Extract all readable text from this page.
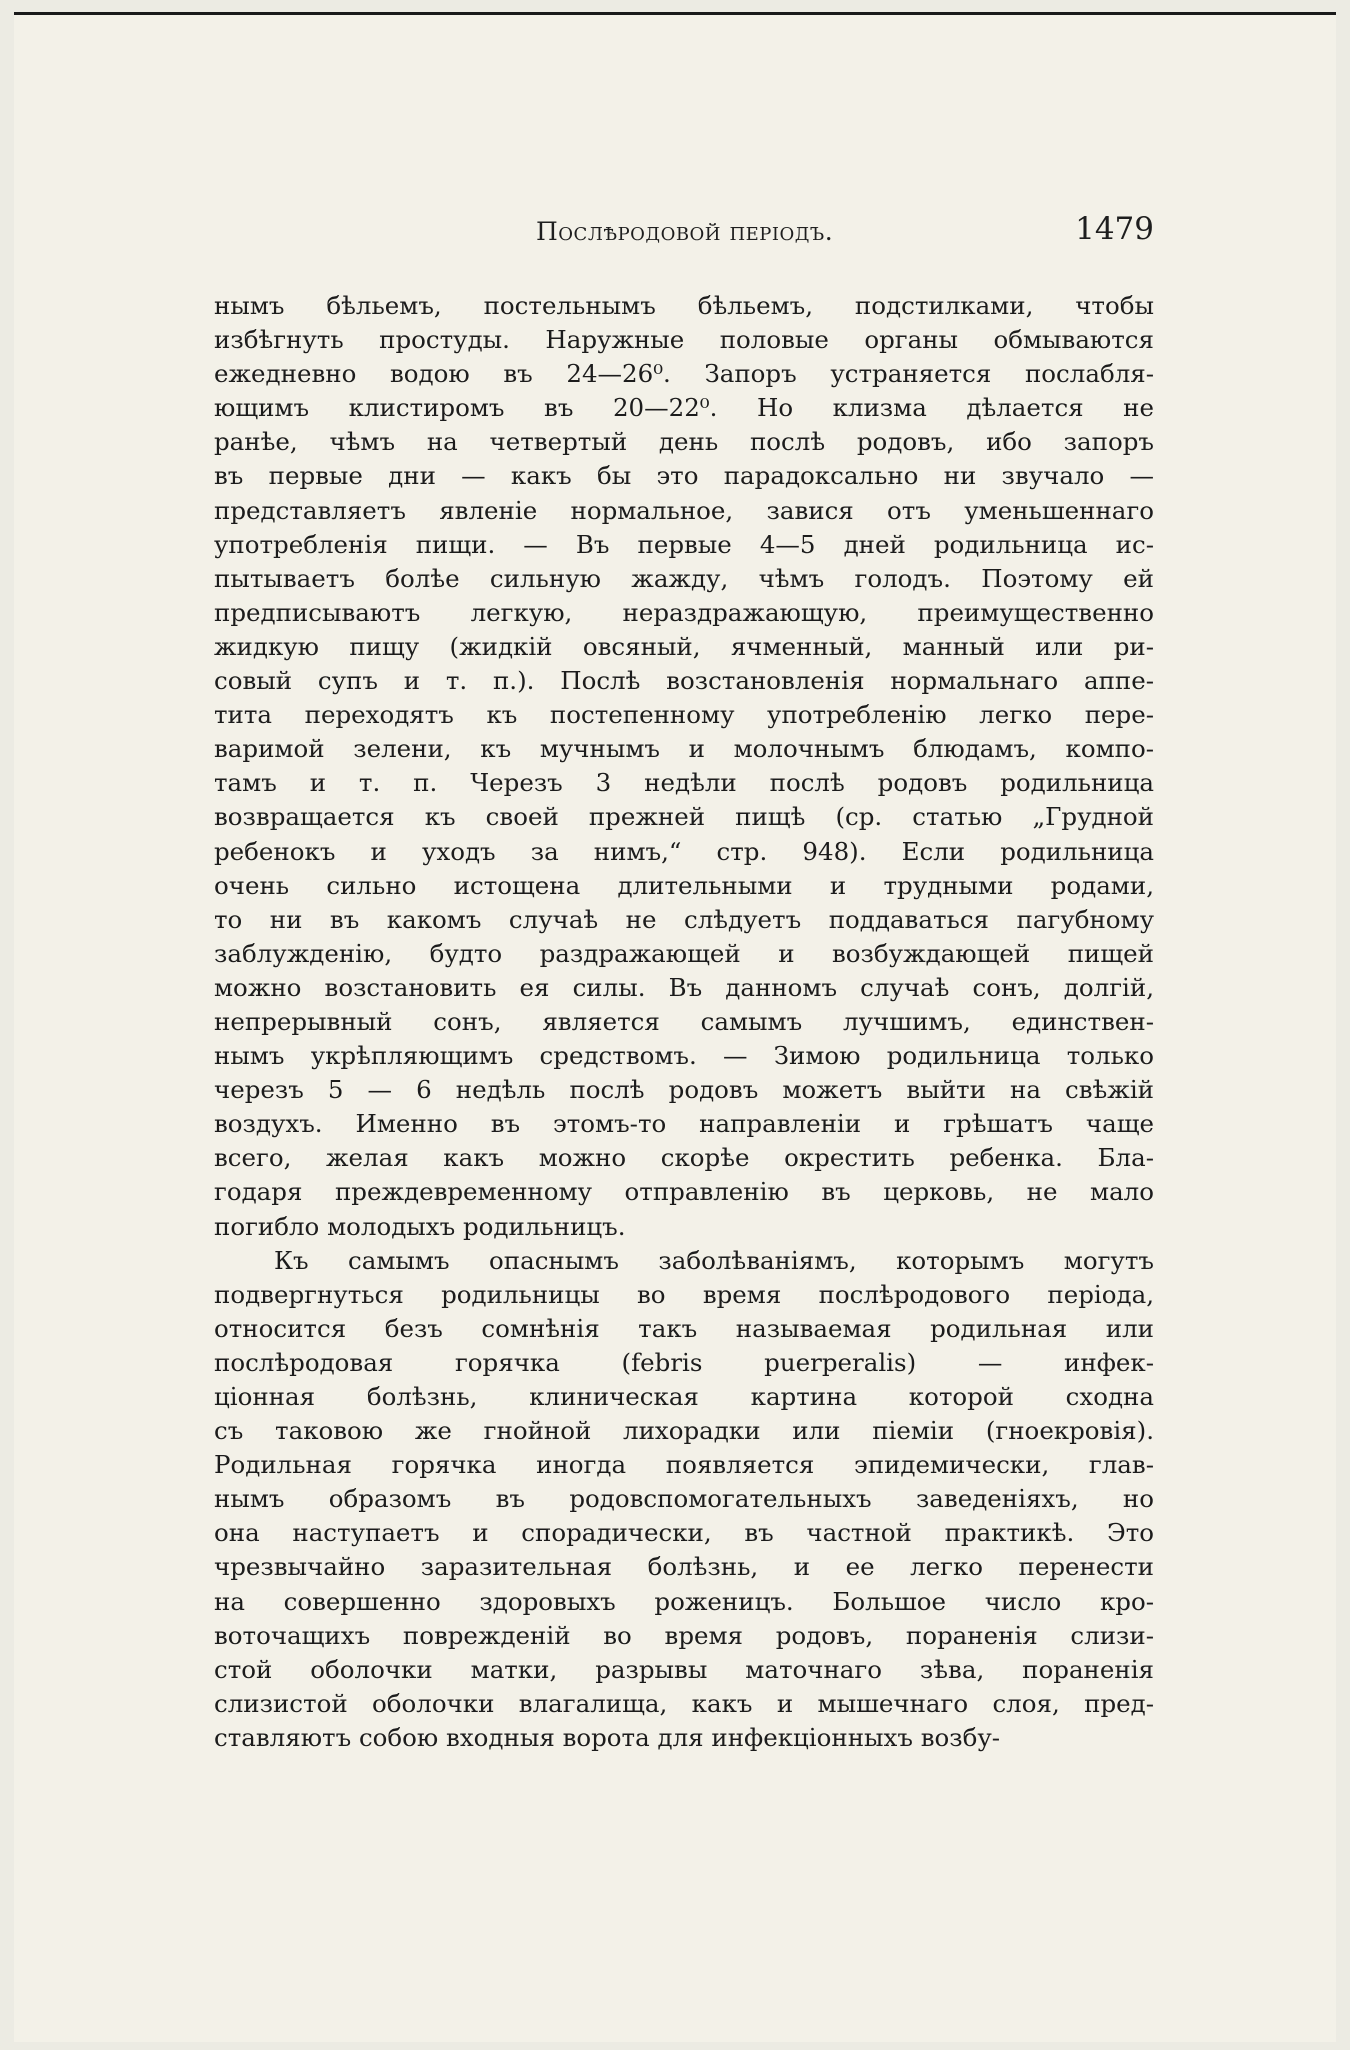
Послѣродовой періодъ.	1479
нымъ бѣльемъ, постельнымъ бѣльемъ, подстилками, чтобы
избѣгнуть простуды. Наружные половые органы обмываются
ежедневно водою въ 24—26⁰. Запоръ устраняется послабля-
ющимъ клистиромъ въ 20—22⁰. Но клизма дѣлается не
ранѣе, чѣмъ на четвертый день послѣ родовъ, ибо запоръ
въ первые дни — какъ бы это парадоксально ни звучало —
представляетъ явленіе нормальное, завися отъ уменьшеннаго
употребленія пищи. — Въ первые 4—5 дней родильница ис-
пытываетъ болѣе сильную жажду, чѣмъ голодъ. Поэтому ей
предписываютъ легкую, нераздражающую, преимущественно
жидкую пищу (жидкій овсяный, ячменный, манный или ри-
совый супъ и т. п.). Послѣ возстановленія нормальнаго аппе-
тита переходятъ къ постепенному употребленію легко пере-
варимой зелени, къ мучнымъ и молочнымъ блюдамъ, компо-
тамъ и т. п. Черезъ 3 недѣли послѣ родовъ родильница
возвращается къ своей прежней пищѣ (ср. статью „Грудной
ребенокъ и уходъ за нимъ,“ стр. 948). Если родильница
очень сильно истощена длительными и трудными родами,
то ни въ какомъ случаѣ не слѣдуетъ поддаваться пагубному
заблужденію, будто раздражающей и возбуждающей пищей
можно возстановить ея силы. Въ данномъ случаѣ сонъ, долгій,
непрерывный сонъ, является самымъ лучшимъ, единствен-
нымъ укрѣпляющимъ средствомъ. — Зимою родильница только
черезъ 5 — 6 недѣль послѣ родовъ можетъ выйти на свѣжій
воздухъ. Именно въ этомъ-то направленіи и грѣшатъ чаще
всего, желая какъ можно скорѣе окрестить ребенка. Бла-
годаря преждевременному отправленію въ церковь, не мало
погибло молодыхъ родильницъ.
Къ самымъ опаснымъ заболѣваніямъ, которымъ могутъ
подвергнуться родильницы во время послѣродового періода,
относится безъ сомнѣнія такъ называемая родильная или
послѣродовая горячка (febris puerperalis) — инфек-
ціонная болѣзнь, клиническая картина которой сходна
съ таковою же гнойной лихорадки или піеміи (гноекровія).
Родильная горячка иногда появляется эпидемически, глав-
нымъ образомъ въ родовспомогательныхъ заведеніяхъ, но
она наступаетъ и спорадически, въ частной практикѣ. Это
чрезвычайно заразительная болѣзнь, и ее легко перенести
на совершенно здоровыхъ роженицъ. Большое число кро-
воточащихъ поврежденій во время родовъ, пораненія слизи-
стой оболочки матки, разрывы маточнаго зѣва, пораненія
слизистой оболочки влагалища, какъ и мышечнаго слоя, пред-
ставляютъ собою входныя ворота для инфекціонныхъ возбу-
